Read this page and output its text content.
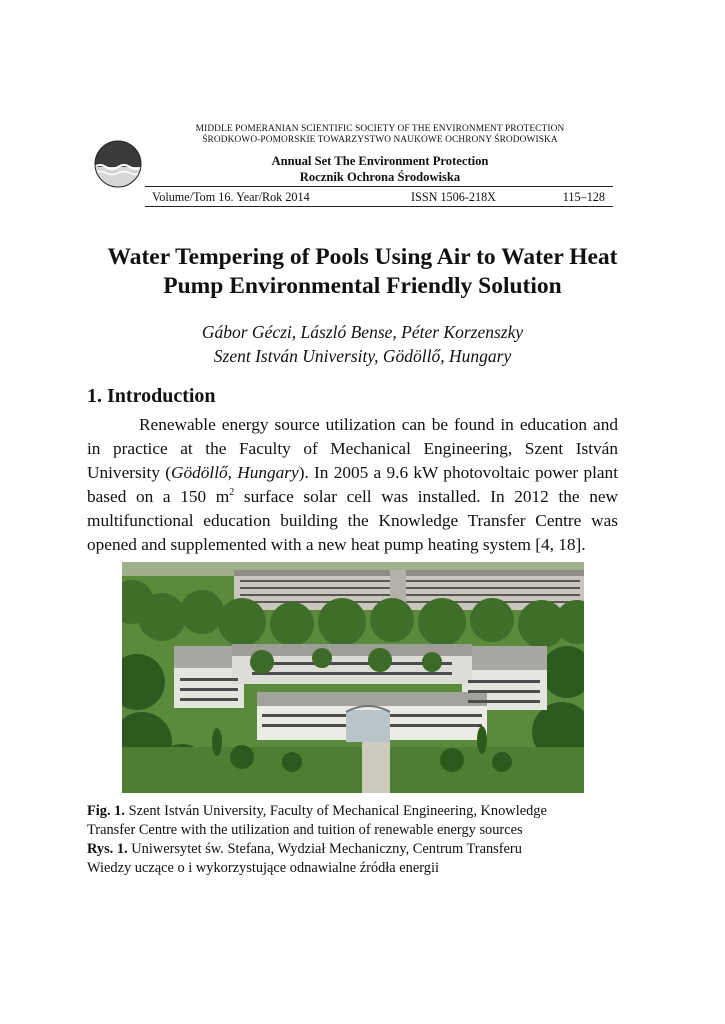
MIDDLE POMERANIAN SCIENTIFIC SOCIETY OF THE ENVIRONMENT PROTECTION
ŚRODKOWO-POMORSKIE TOWARZYSTWO NAUKOWE OCHRONY ŚRODOWISKA
Annual Set The Environment Protection
Rocznik Ochrona Środowiska
Volume/Tom 16. Year/Rok 2014	ISSN 1506-218X	115–128
Water Tempering of Pools Using Air to Water Heat
Pump Environmental Friendly Solution
Gábor Géczi, László Bense, Péter Korzenszky
Szent István University, Gödöllő, Hungary
1. Introduction

Renewable energy source utilization can be found in education and in practice at the Faculty of Mechanical Engineering, Szent István University (Gödöllő, Hungary). In 2005 a 9.6 kW photovoltaic power plant based on a 150 $m^2$ surface solar cell was installed. In 2012 the new multifunctional education building the Knowledge Transfer Centre was opened and supplemented with a new heat pump heating system [4, 18].

Fig. 1. Szent István University, Faculty of Mechanical Engineering, Knowledge
Transfer Centre with the utilization and tuition of renewable energy sources
Rys. 1. Uniwersytet św. Stefana, Wydział Mechaniczny, Centrum Transferu
Wiedzy uczące o i wykorzystujące odnawialne źródła energii
